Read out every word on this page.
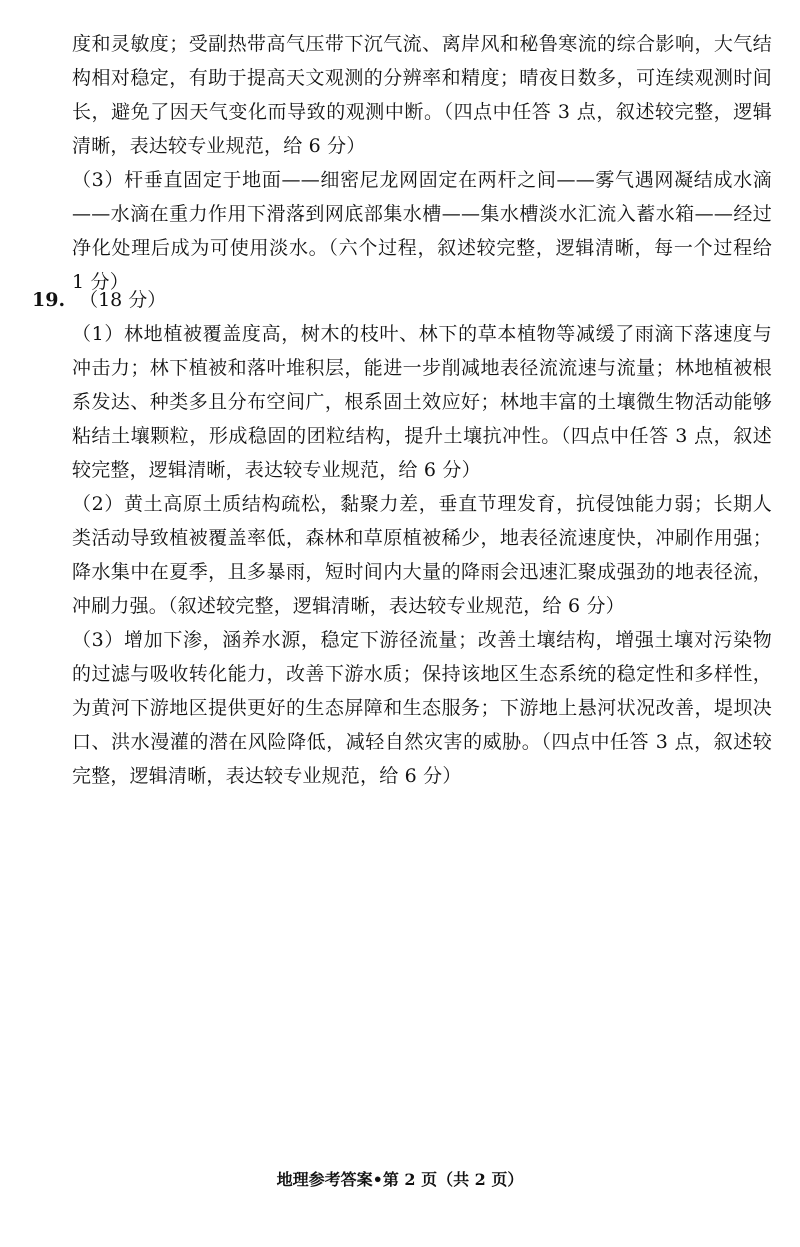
度和灵敏度；受副热带高气压带下沉气流、离岸风和秘鲁寒流的综合影响，大气结构相对稳定，有助于提高天文观测的分辨率和精度；晴夜日数多，可连续观测时间长，避免了因天气变化而导致的观测中断。（四点中任答 3 点，叙述较完整，逻辑清晰，表达较专业规范，给 6 分）

（3）杆垂直固定于地面——细密尼龙网固定在两杆之间——雾气遇网凝结成水滴——水滴在重力作用下滑落到网底部集水槽——集水槽淡水汇流入蓄水箱——经过净化处理后成为可使用淡水。（六个过程，叙述较完整，逻辑清晰，每一个过程给 1 分）

19. （18 分）

（1）林地植被覆盖度高，树木的枝叶、林下的草本植物等减缓了雨滴下落速度与冲击力；林下植被和落叶堆积层，能进一步削减地表径流流速与流量；林地植被根系发达、种类多且分布空间广，根系固土效应好；林地丰富的土壤微生物活动能够粘结土壤颗粒，形成稳固的团粒结构，提升土壤抗冲性。（四点中任答 3 点，叙述较完整，逻辑清晰，表达较专业规范，给 6 分）

（2）黄土高原土质结构疏松，黏聚力差，垂直节理发育，抗侵蚀能力弱；长期人类活动导致植被覆盖率低，森林和草原植被稀少，地表径流速度快，冲刷作用强；降水集中在夏季，且多暴雨，短时间内大量的降雨会迅速汇聚成强劲的地表径流，冲刷力强。（叙述较完整，逻辑清晰，表达较专业规范，给 6 分）

（3）增加下渗，涵养水源，稳定下游径流量；改善土壤结构，增强土壤对污染物的过滤与吸收转化能力，改善下游水质；保持该地区生态系统的稳定性和多样性，为黄河下游地区提供更好的生态屏障和生态服务；下游地上悬河状况改善，堤坝决口、洪水漫灌的潜在风险降低，减轻自然灾害的威胁。（四点中任答 3 点，叙述较完整，逻辑清晰，表达较专业规范，给 6 分）

地理参考答案•第 2 页（共 2 页）
